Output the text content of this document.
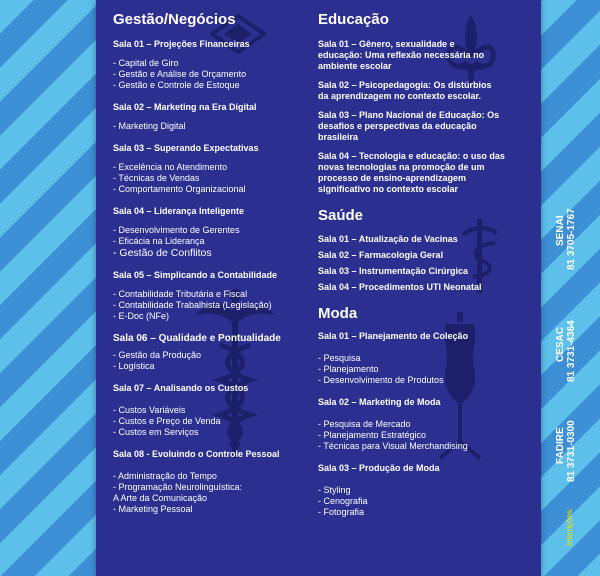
Gestão/Negócios
Sala 01 – Projeções Financeiras
- Capital de Giro
- Gestão e Análise de Orçamento
- Gestão e Controle de Estoque
Sala 02 – Marketing na Era Digital
- Marketing Digital
Sala 03 – Superando Expectativas
- Excelência no Atendimento
- Técnicas de Vendas
- Comportamento Organizacional
Sala 04 – Liderança Inteligente
- Desenvolvimento de Gerentes
- Eficácia na Liderança
- Gestão de Conflitos
Sala 05 – Simplicando a Contabilidade
- Contabilidade Tributária e Fiscal
- Contabilidade Trabalhista (Legislação)
- E-Doc (NFe)
Sala 06 – Qualidade e Pontualidade
- Gestão da Produção
- Logística
Sala 07 – Analisando os Custos
- Custos Variáveis
- Custos e Preço de Venda
- Custos em Serviços
Sala 08 - Evoluindo o Controle Pessoal
- Administração do Tempo
- Programação Neurolinguística:
A Arte da Comunicação
- Marketing Pessoal
Educação
Sala 01 – Gênero, sexualidade e educação: Uma reflexão necessária no ambiente escolar
Sala 02 – Psicopedagogia: Os distúrbios da aprendizagem no contexto escolar.
Sala 03 – Plano Nacional de Educação: Os desafios e perspectivas da educação brasileira
Sala 04 – Tecnologia e educação: o uso das novas tecnologias na promoção de um processo de ensino-aprendizagem significativo no contexto escolar
Saúde
Sala 01 – Atualização de Vacinas
Sala 02 – Farmacologia Geral
Sala 03 – Instrumentação Cirúrgica
Sala 04 – Procedimentos UTI Neonatal
Moda
Sala 01 – Planejamento de Coleção
- Pesquisa
- Planejamento
- Desenvolvimento de Produtos
Sala 02 – Marketing de Moda
- Pesquisa de Mercado
- Planejamento Estratégico
- Técnicas para Visual Merchandising
Sala 03 – Produção de Moda
- Styling
- Cenografia
- Fotografia
SENAI 81 3705-1767
CESAC 81 3731-4364
FADIRE 81 3731-0300
Inscrições:
